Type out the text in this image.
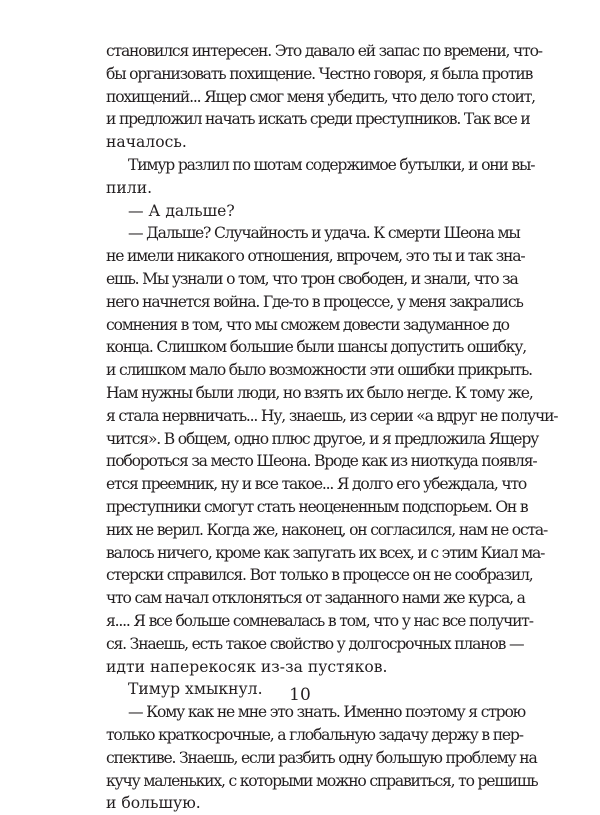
становился интересен. Это давало ей запас по времени, что-
бы организовать похищение. Честно говоря, я была против
похищений... Ящер смог меня убедить, что дело того стоит,
и предложил начать искать среди преступников. Так все и
началось.
Тимур разлил по шотам содержимое бутылки, и они вы-
пили.
— А дальше?
— Дальше? Случайность и удача. К смерти Шеона мы
не имели никакого отношения, впрочем, это ты и так зна-
ешь. Мы узнали о том, что трон свободен, и знали, что за
него начнется война. Где-то в процессе, у меня закрались
сомнения в том, что мы сможем довести задуманное до
конца. Слишком большие были шансы допустить ошибку,
и слишком мало было возможности эти ошибки прикрыть.
Нам нужны были люди, но взять их было негде. К тому же,
я стала нервничать... Ну, знаешь, из серии «а вдруг не получи-
чится». В общем, одно плюс другое, и я предложила Ящеру
побороться за место Шеона. Вроде как из ниоткуда появля-
ется преемник, ну и все такое... Я долго его убеждала, что
преступники смогут стать неоцененным подспорьем. Он в
них не верил. Когда же, наконец, он согласился, нам не оста-
валось ничего, кроме как запугать их всех, и с этим Киал ма-
стерски справился. Вот только в процессе он не сообразил,
что сам начал отклоняться от заданного нами же курса, а
я.... Я все больше сомневалась в том, что у нас все получит-
ся. Знаешь, есть такое свойство у долгосрочных планов —
идти наперекосяк из-за пустяков.
Тимур хмыкнул.
— Кому как не мне это знать. Именно поэтому я строю
только краткосрочные, а глобальную задачу держу в пер-
спективе. Знаешь, если разбить одну большую проблему на
кучу маленьких, с которыми можно справиться, то решишь
и большую.
10
